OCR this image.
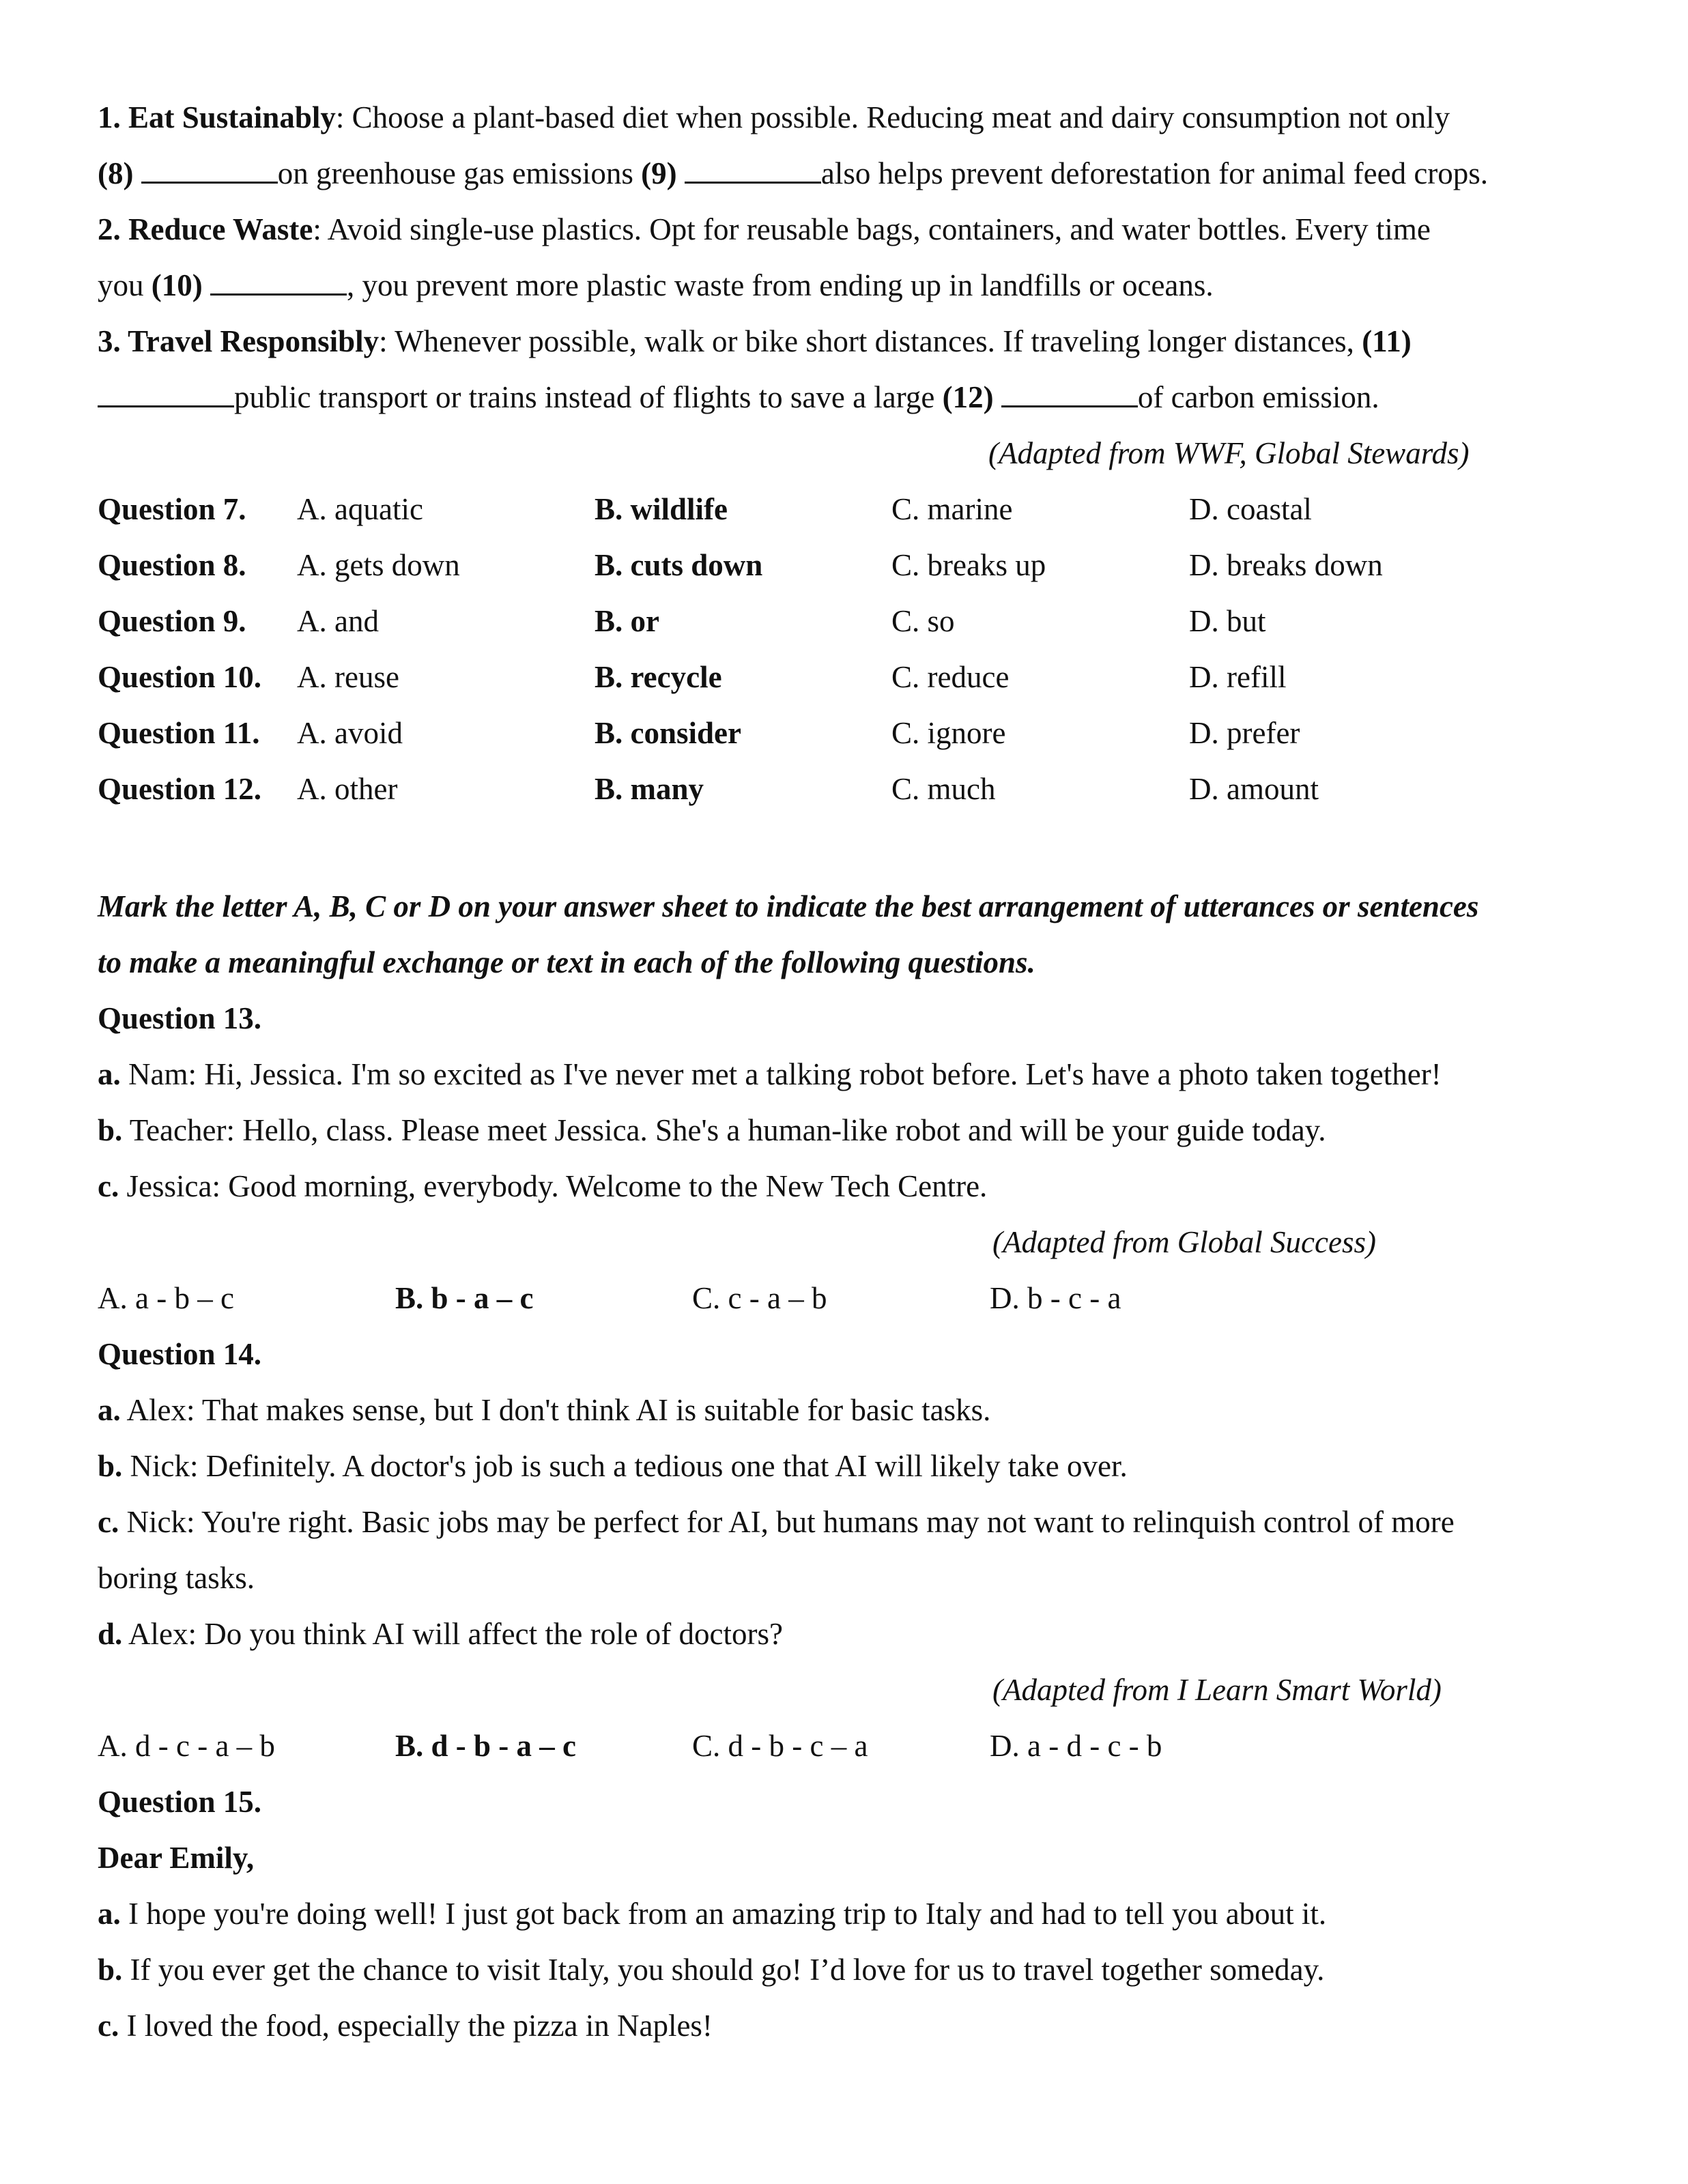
1. Eat Sustainably: Choose a plant-based diet when possible. Reducing meat and dairy consumption not only
(8)	on greenhouse gas emissions (9)	also helps prevent deforestation for animal feed crops.
2. Reduce Waste: Avoid single-use plastics. Opt for reusable bags, containers, and water bottles. Every time
you (10)	, you prevent more plastic waste from ending up in landfills or oceans.
3. Travel Responsibly: Whenever possible, walk or bike short distances. If traveling longer distances, (11)
public transport or trains instead of flights to save a large (12)	of carbon emission.
(Adapted from WWF, Global Stewards)
Question 7. A. aquatic	B. wildlife	C. marine	D. coastal
Question 8. A. gets down	B. cuts down	C. breaks up	D. breaks down
Question 9. A. and	B. or	C. so	D. but
Question 10. A. reuse	B. recycle	C. reduce	D. refill
Question 11. A. avoid	B. consider	C. ignore	D. prefer
Question 12. A. other	B. many	C. much	D. amount
Mark the letter A, B, C or D on your answer sheet to indicate the best arrangement of utterances or sentences
to make a meaningful exchange or text in each of the following questions.
Question 13.
a. Nam: Hi, Jessica. I'm so excited as I've never met a talking robot before. Let's have a photo taken together!
b. Teacher: Hello, class. Please meet Jessica. She's a human-like robot and will be your guide today.
c. Jessica: Good morning, everybody. Welcome to the New Tech Centre.
(Adapted from Global Success)
A. a - b – c	B. b - a – c	C. c - a – b	D. b - c - a
Question 14.
a. Alex: That makes sense, but I don't think AI is suitable for basic tasks.
b. Nick: Definitely. A doctor's job is such a tedious one that AI will likely take over.
c. Nick: You're right. Basic jobs may be perfect for AI, but humans may not want to relinquish control of more
boring tasks.
d. Alex: Do you think AI will affect the role of doctors?
(Adapted from I Learn Smart World)
A. d - c - a – b	B. d - b - a – c	C. d - b - c – a	D. a - d - c - b
Question 15.
Dear Emily,
a. I hope you're doing well! I just got back from an amazing trip to Italy and had to tell you about it.
b. If you ever get the chance to visit Italy, you should go! I’d love for us to travel together someday.
c. I loved the food, especially the pizza in Naples!
